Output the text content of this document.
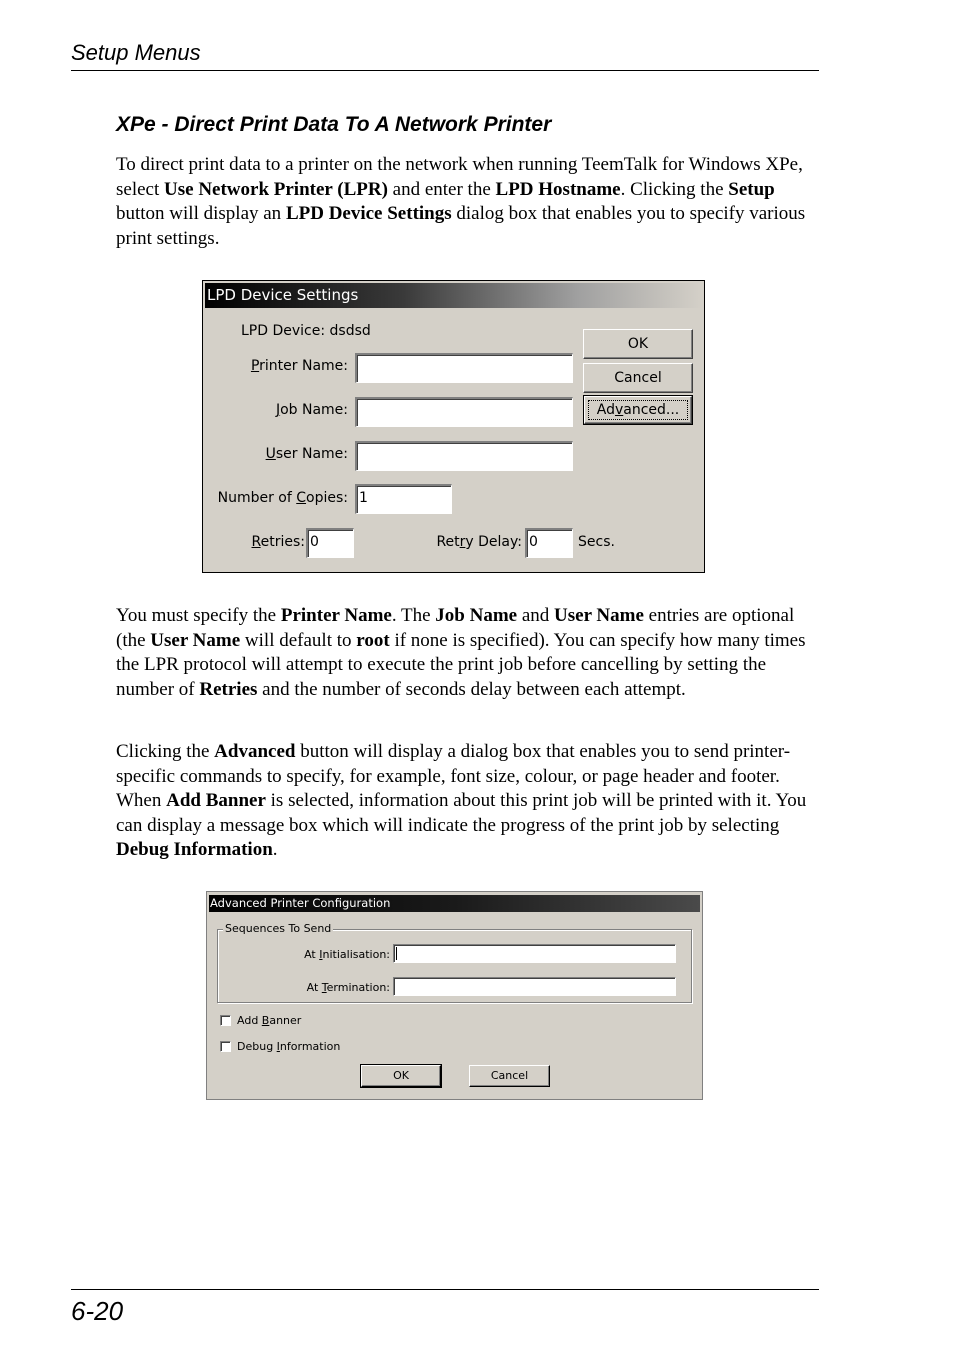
Setup Menus
XPe - Direct Print Data To A Network Printer

To direct print data to a printer on the network when running TeemTalk for Windows XPe, select Use Network Printer (LPR) and enter the LPD Hostname. Clicking the Setup button will display an LPD Device Settings dialog box that enables you to specify various print settings.

LPD Device Settings
LPD Device: dsdsd
Printer Name:
Job Name:
User Name:
Number of Copies: 1
Retries: 0	Retry Delay: 0	Secs.
OK
Cancel
Advanced...

You must specify the Printer Name. The Job Name and User Name entries are optional (the User Name will default to root if none is specified). You can specify how many times the LPR protocol will attempt to execute the print job before cancelling by setting the number of Retries and the number of seconds delay between each attempt.

Clicking the Advanced button will display a dialog box that enables you to send printer-specific commands to specify, for example, font size, colour, or page header and footer. When Add Banner is selected, information about this print job will be printed with it. You can display a message box which will indicate the progress of the print job by selecting Debug Information.

Advanced Printer Configuration
Sequences To Send
At Initialisation:
At Termination:
Add Banner
Debug Information
OK	Cancel
6-20
